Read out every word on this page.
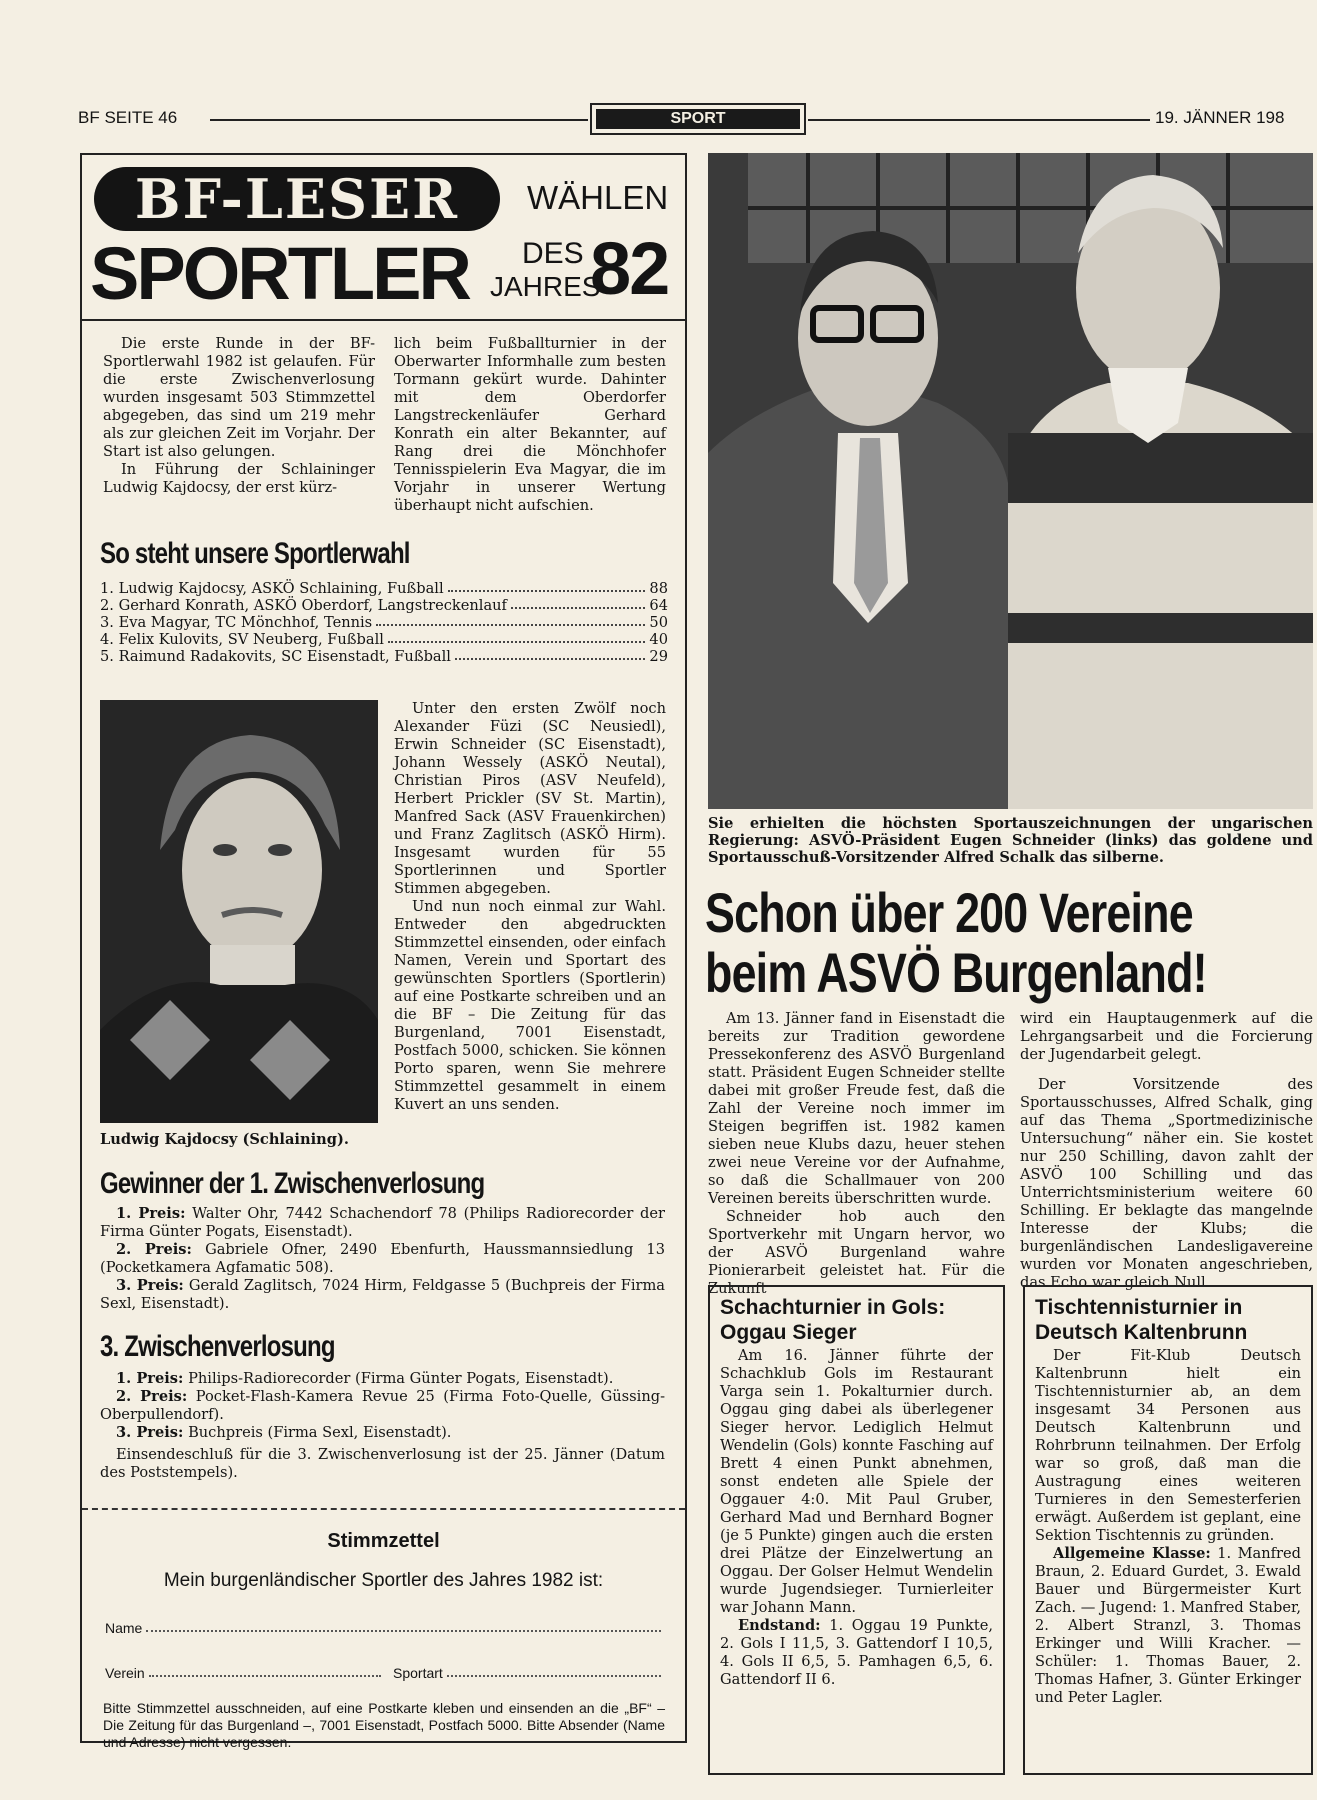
BF SEITE 46	SPORT	19. JÄNNER 198
BF-LESER	WÄHLEN
SPORTLER DES
JAHRES
82
Die erste Runde in der BF-Sportlerwahl 1982 ist gelaufen. Für die erste Zwischenverlosung wurden insgesamt 503 Stimmzettel abgegeben, das sind um 219 mehr als zur gleichen Zeit im Vorjahr. Der Start ist also gelungen.
In Führung der Schlaininger Ludwig Kajdocsy, der erst kürz-
lich beim Fußballturnier in der Oberwarter Informhalle zum besten Tormann gekürt wurde. Dahinter mit dem Oberdorfer Langstreckenläufer Gerhard Konrath ein alter Bekannter, auf Rang drei die Mönchhofer Tennisspielerin Eva Magyar, die im Vorjahr in unserer Wertung überhaupt nicht aufschien.
So steht unsere Sportlerwahl
1. Ludwig Kajdocsy, ASKÖ Schlaining, Fußball	88
2. Gerhard Konrath, ASKÖ Oberdorf, Langstreckenlauf	64
3. Eva Magyar, TC Mönchhof, Tennis	50
4. Felix Kulovits, SV Neuberg, Fußball	40
5. Raimund Radakovits, SC Eisenstadt, Fußball	29
Ludwig Kajdocsy (Schlaining).
Unter den ersten Zwölf noch Alexander Füzi (SC Neusiedl), Erwin Schneider (SC Eisenstadt), Johann Wessely (ASKÖ Neutal), Christian Piros (ASV Neufeld), Herbert Prickler (SV St. Martin), Manfred Sack (ASV Frauenkirchen) und Franz Zaglitsch (ASKÖ Hirm). Insgesamt wurden für 55 Sportlerinnen und Sportler Stimmen abgegeben.
Und nun noch einmal zur Wahl. Entweder den abgedruckten Stimmzettel einsenden, oder einfach Namen, Verein und Sportart des gewünschten Sportlers (Sportlerin) auf eine Postkarte schreiben und an die BF – Die Zeitung für das Burgenland, 7001 Eisenstadt, Postfach 5000, schicken. Sie können Porto sparen, wenn Sie mehrere Stimmzettel gesammelt in einem Kuvert an uns senden.
Gewinner der 1. Zwischenverlosung
1. Preis: Walter Ohr, 7442 Schachendorf 78 (Philips Radiorecorder der Firma Günter Pogats, Eisenstadt).
2. Preis: Gabriele Ofner, 2490 Ebenfurth, Haussmannsiedlung 13 (Pocketkamera Agfamatic 508).
3. Preis: Gerald Zaglitsch, 7024 Hirm, Feldgasse 5 (Buchpreis der Firma Sexl, Eisenstadt).
3. Zwischenverlosung
1. Preis: Philips-Radiorecorder (Firma Günter Pogats, Eisenstadt).
2. Preis: Pocket-Flash-Kamera Revue 25 (Firma Foto-Quelle, Güssing-Oberpullendorf).
3. Preis: Buchpreis (Firma Sexl, Eisenstadt).
Einsendeschluß für die 3. Zwischenverlosung ist der 25. Jänner (Datum des Poststempels).
Stimmzettel
Mein burgenländischer Sportler des Jahres 1982 ist:
Name
Verein	Sportart
Bitte Stimmzettel ausschneiden, auf eine Postkarte kleben und einsenden an die „BF“ – Die Zeitung für das Burgenland –, 7001 Eisenstadt, Postfach 5000. Bitte Absender (Name und Adresse) nicht vergessen.
Sie erhielten die höchsten Sportauszeichnungen der ungarischen Regierung: ASVÖ-Präsident Eugen Schneider (links) das goldene und Sportausschuß-Vorsitzender Alfred Schalk das silberne.
Schon über 200 Vereine
beim ASVÖ Burgenland!
Am 13. Jänner fand in Eisenstadt die bereits zur Tradition gewordene Pressekonferenz des ASVÖ Burgenland statt. Präsident Eugen Schneider stellte dabei mit großer Freude fest, daß die Zahl der Vereine noch immer im Steigen begriffen ist. 1982 kamen sieben neue Klubs dazu, heuer stehen zwei neue Vereine vor der Aufnahme, so daß die Schallmauer von 200 Vereinen bereits überschritten wurde.
Schneider hob auch den Sportverkehr mit Ungarn hervor, wo der ASVÖ Burgenland wahre Pionierarbeit geleistet hat. Für die Zukunft
wird ein Hauptaugenmerk auf die Lehrgangsarbeit und die Forcierung der Jugendarbeit gelegt.
Der Vorsitzende des Sportausschusses, Alfred Schalk, ging auf das Thema „Sportmedizinische Untersuchung“ näher ein. Sie kostet nur 250 Schilling, davon zahlt der ASVÖ 100 Schilling und das Unterrichtsministerium weitere 60 Schilling. Er beklagte das mangelnde Interesse der Klubs; die burgenländischen Landesligavereine wurden vor Monaten angeschrieben, das Echo war gleich Null.
Schachturnier in Gols: Oggau Sieger
Am 16. Jänner führte der Schachklub Gols im Restaurant Varga sein 1. Pokalturnier durch. Oggau ging dabei als überlegener Sieger hervor. Lediglich Helmut Wendelin (Gols) konnte Fasching auf Brett 4 einen Punkt abnehmen, sonst endeten alle Spiele der Oggauer 4:0. Mit Paul Gruber, Gerhard Mad und Bernhard Bogner (je 5 Punkte) gingen auch die ersten drei Plätze der Einzelwertung an Oggau. Der Golser Helmut Wendelin wurde Jugendsieger. Turnierleiter war Johann Mann.
Endstand: 1. Oggau 19 Punkte, 2. Gols I 11,5, 3. Gattendorf I 10,5, 4. Gols II 6,5, 5. Pamhagen 6,5, 6. Gattendorf II 6.
Tischtennisturnier in Deutsch Kaltenbrunn
Der Fit-Klub Deutsch Kaltenbrunn hielt ein Tischtennisturnier ab, an dem insgesamt 34 Personen aus Deutsch Kaltenbrunn und Rohrbrunn teilnahmen. Der Erfolg war so groß, daß man die Austragung eines weiteren Turnieres in den Semesterferien erwägt. Außerdem ist geplant, eine Sektion Tischtennis zu gründen.
Allgemeine Klasse: 1. Manfred Braun, 2. Eduard Gurdet, 3. Ewald Bauer und Bürgermeister Kurt Zach. — Jugend: 1. Manfred Staber, 2. Albert Stranzl, 3. Thomas Erkinger und Willi Kracher. — Schüler: 1. Thomas Bauer, 2. Thomas Hafner, 3. Günter Erkinger und Peter Lagler.
